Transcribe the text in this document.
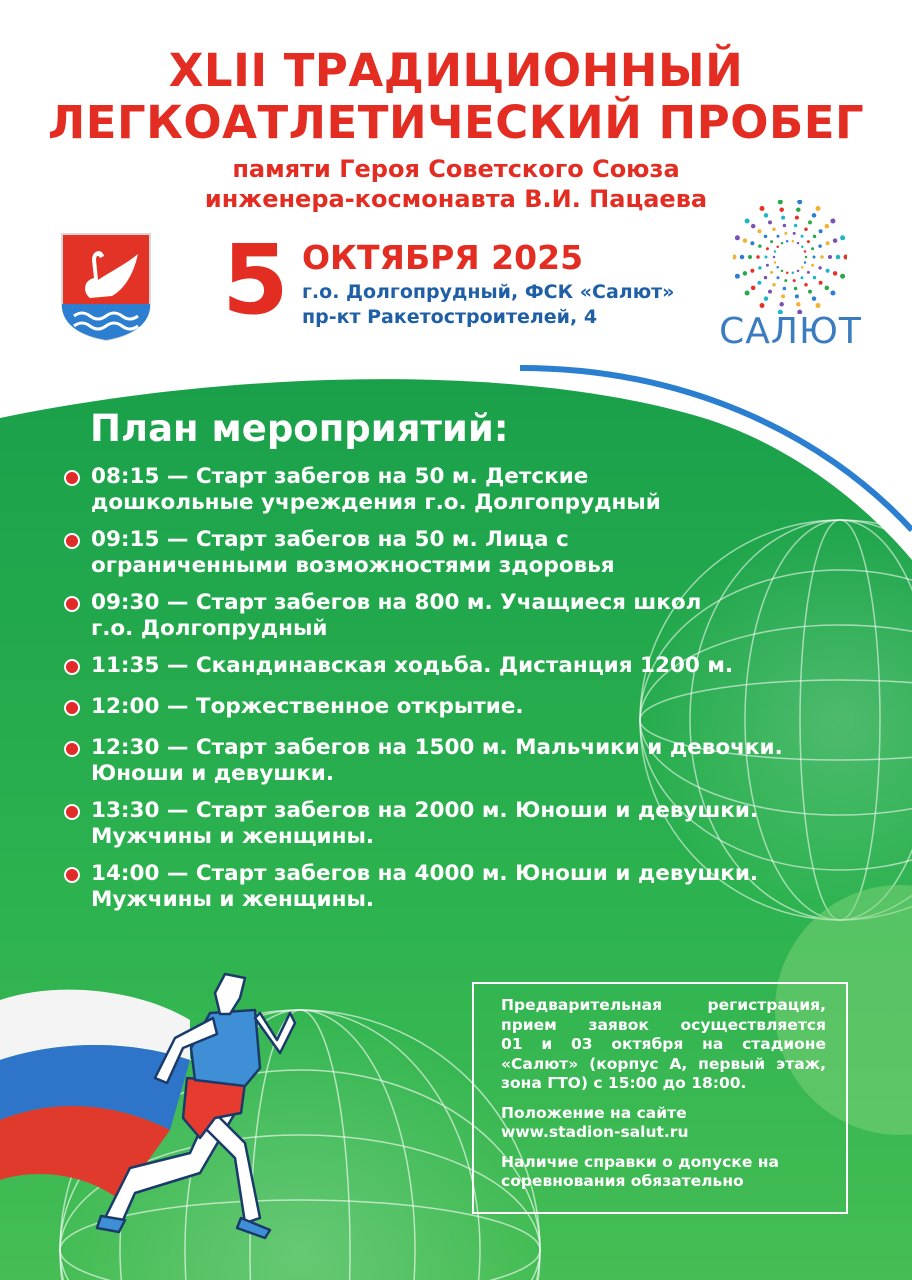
XLII ТРАДИЦИОННЫЙ
ЛЕГКОАТЛЕТИЧЕСКИЙ ПРОБЕГ
памяти Героя Советского Союза
инженера-космонавта В.И. Пацаева
5 ОКТЯБРЯ 2025
г.о. Долгопрудный, ФСК «Салют»
пр-кт Ракетостроителей, 4	САЛЮТ
План мероприятий:
08:15 — Старт забегов на 50 м. Детские
дошкольные учреждения г.о. Долгопрудный
09:15 — Старт забегов на 50 м. Лица с
ограниченными возможностями здоровья
09:30 — Старт забегов на 800 м. Учащиеся школ
г.о. Долгопрудный
11:35 — Скандинавская ходьба. Дистанция 1200 м.
12:00 — Торжественное открытие.
12:30 — Старт забегов на 1500 м. Мальчики и девочки.
Юноши и девушки.
13:30 — Старт забегов на 2000 м. Юноши и девушки.
Мужчины и женщины.
14:00 — Старт забегов на 4000 м. Юноши и девушки.
Мужчины и женщины.

Предварительная регистрация,
прием заявок осуществляется
01 и 03 октября на стадионе
«Салют» (корпус А, первый этаж,
зона ГТО) с 15:00 до 18:00.

Положение на сайте
www.stadion-salut.ru

Наличие справки о допуске на
соревнования обязательно
